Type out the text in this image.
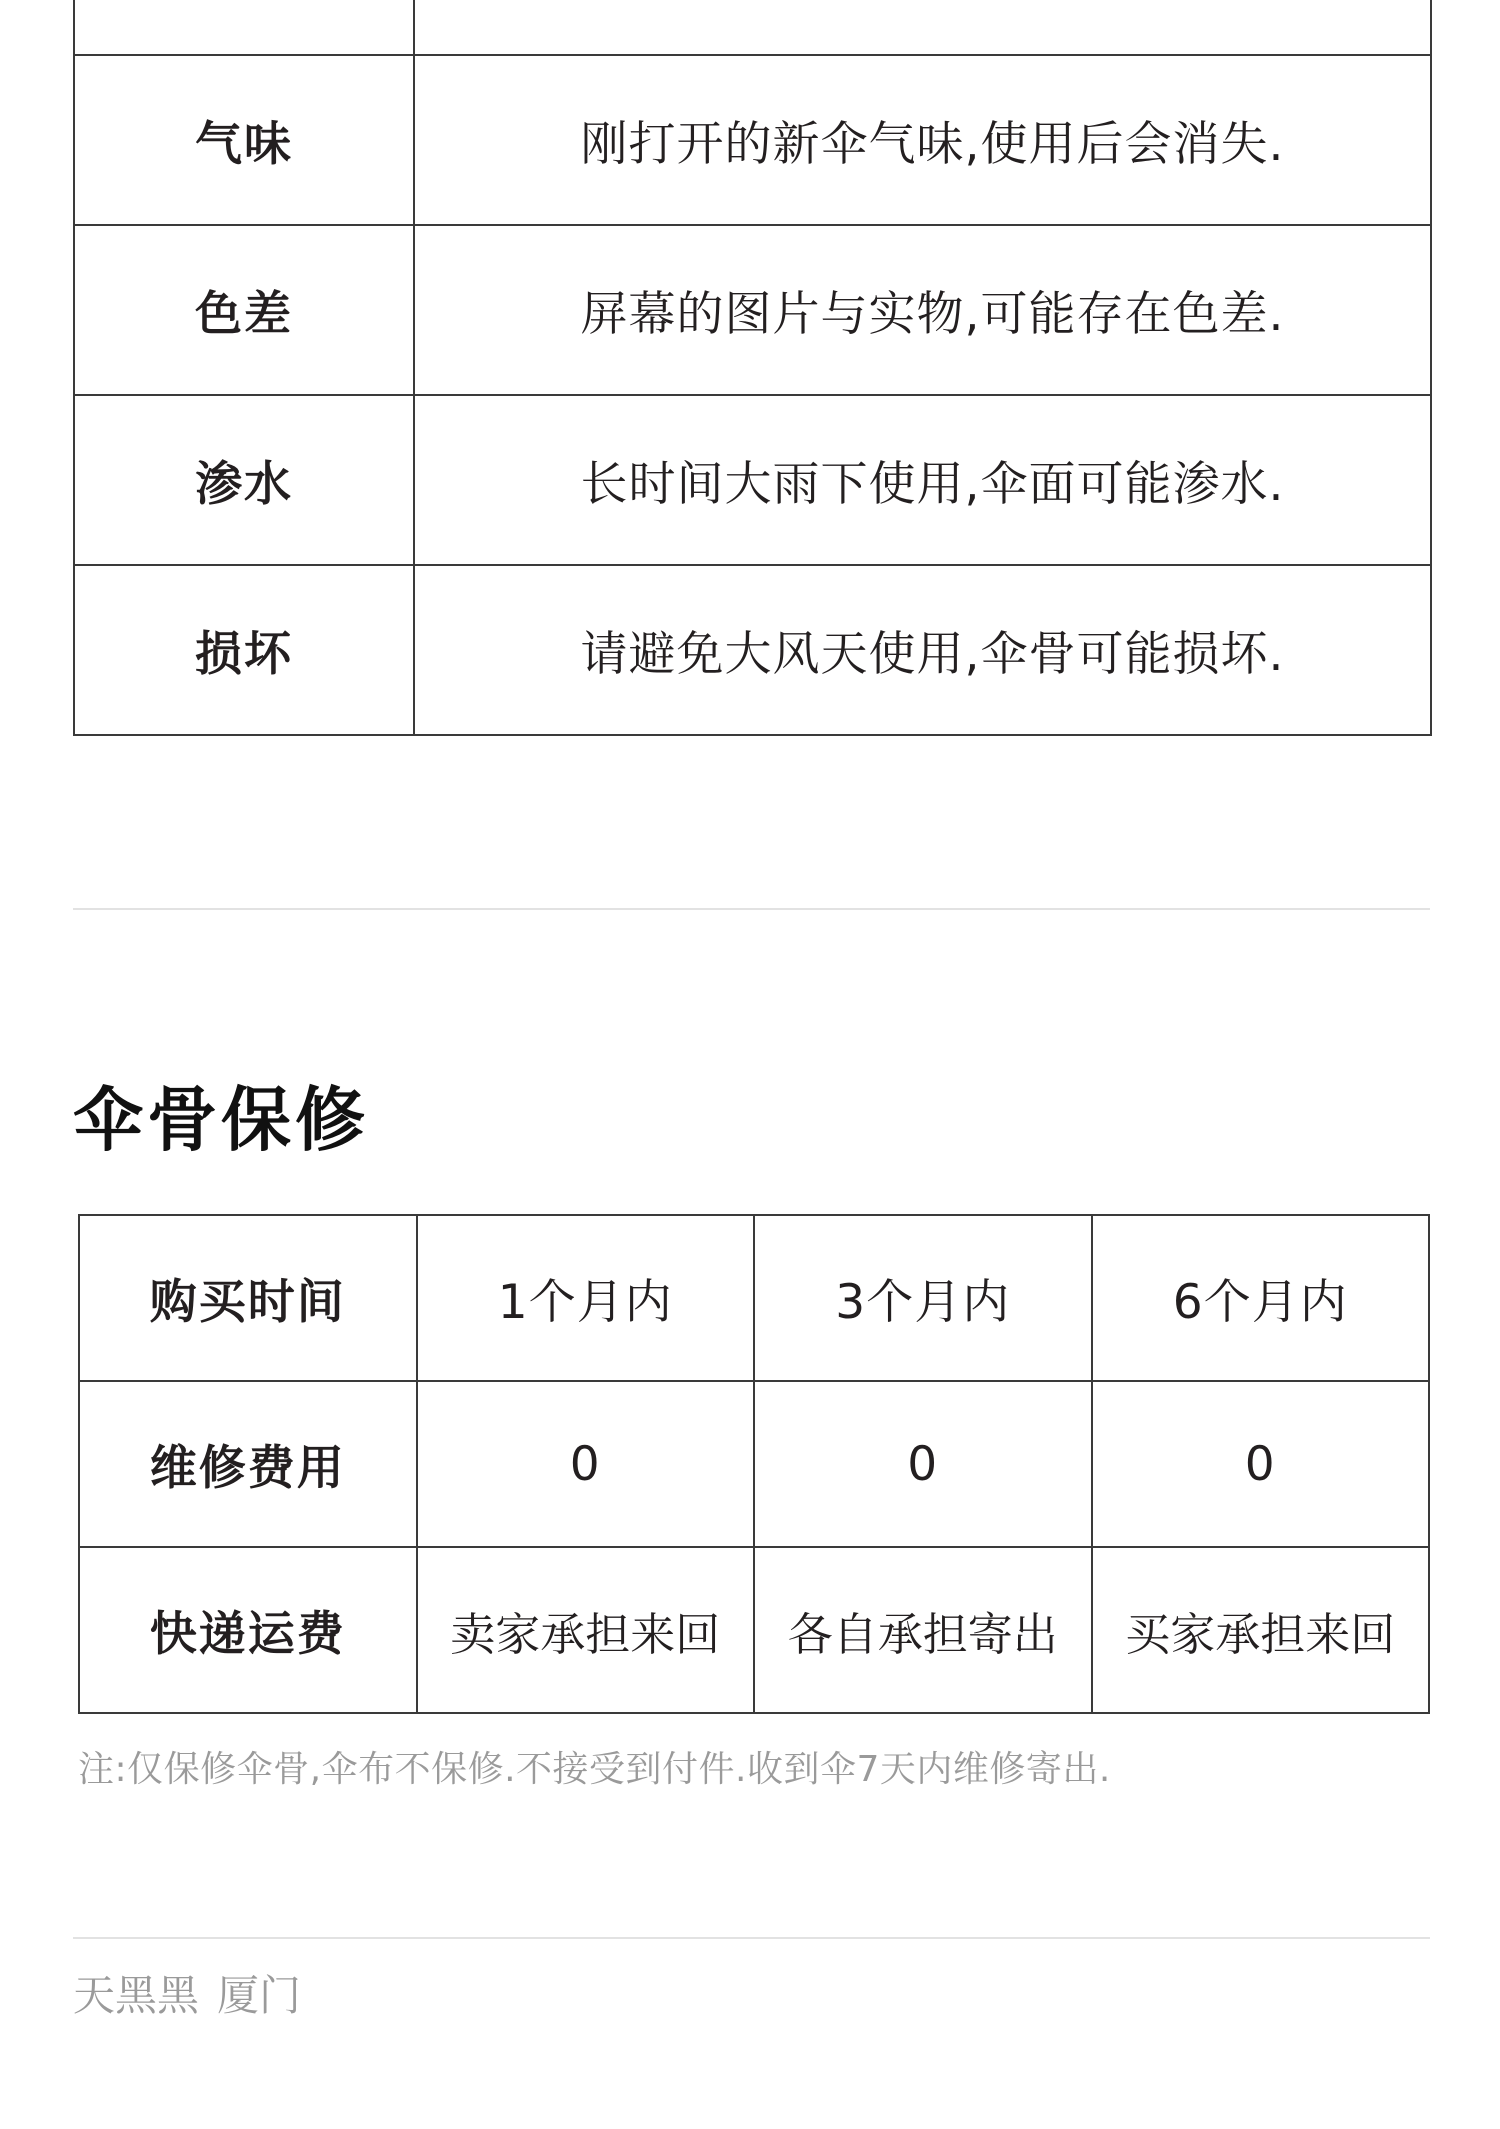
气味	刚打开的新伞气味,使用后会消失.
色差	屏幕的图片与实物,可能存在色差.
渗水	长时间大雨下使用,伞面可能渗水.
损坏	请避免大风天使用,伞骨可能损坏.
伞骨保修
购买时间	1个月内	3个月内	6个月内
维修费用	0	0	0
快递运费	卖家承担来回	各自承担寄出	买家承担来回
注:仅保修伞骨,伞布不保修.不接受到付件.收到伞7天内维修寄出.
天黑黑 厦门
